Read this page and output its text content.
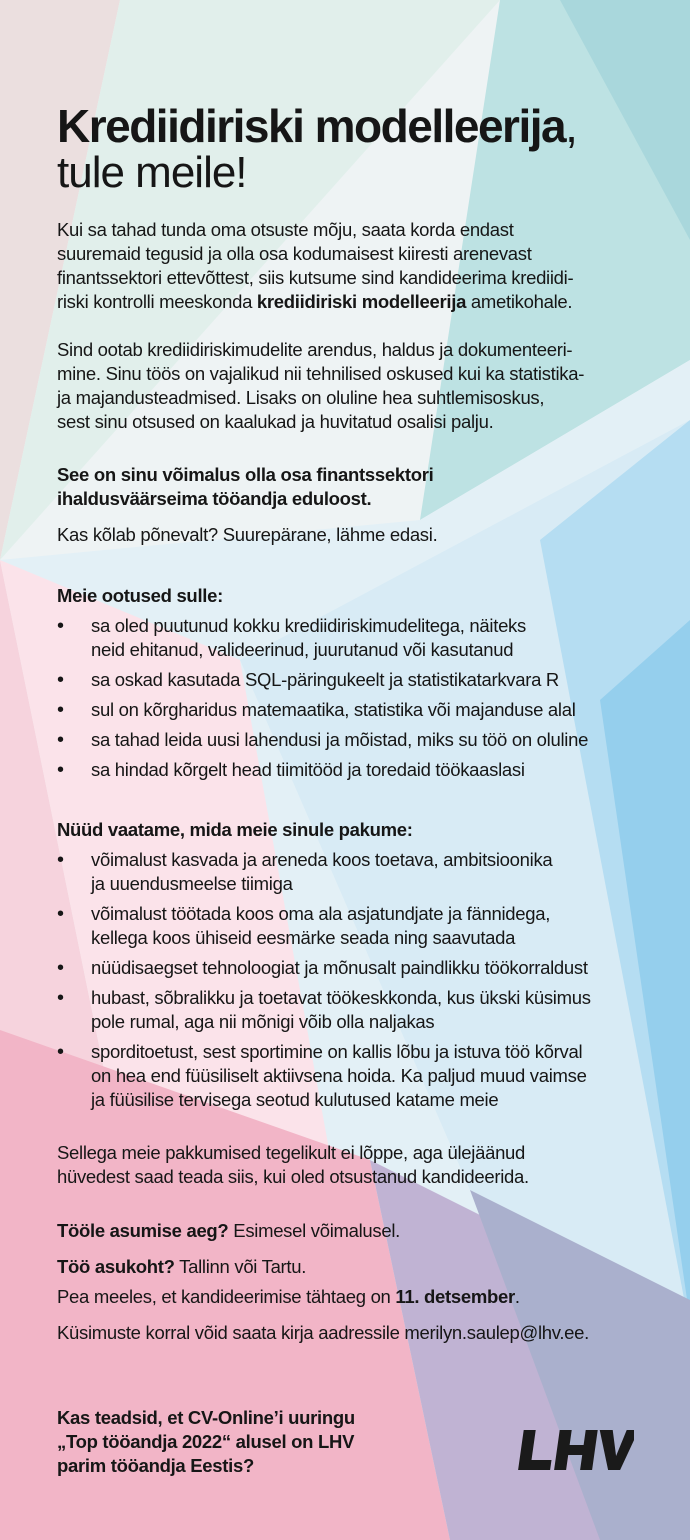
Krediidiriski modelleerija,
tule meile!
Kui sa tahad tunda oma otsuste mõju, saata korda endast
suuremaid tegusid ja olla osa kodumaisest kiiresti arenevast
finantssektori ettevõttest, siis kutsume sind kandideerima krediidi-
riski kontrolli meeskonda krediidiriski modelleerija ametikohale.
Sind ootab krediidiriskimudelite arendus, haldus ja dokumenteeri-
mine. Sinu töös on vajalikud nii tehnilised oskused kui ka statistika-
ja majandusteadmised. Lisaks on oluline hea suhtlemisoskus,
sest sinu otsused on kaalukad ja huvitatud osalisi palju.
See on sinu võimalus olla osa finantssektori
ihaldusväärseima tööandja eduloost.
Kas kõlab põnevalt? Suurepärane, lähme edasi.
Meie ootused sulle:
• sa oled puutunud kokku krediidiriskimudelitega, näiteks
neid ehitanud, valideerinud, juurutanud või kasutanud
• sa oskad kasutada SQL-päringukeelt ja statistikatarkvara R
• sul on kõrgharidus matemaatika, statistika või majanduse alal
• sa tahad leida uusi lahendusi ja mõistad, miks su töö on oluline
• sa hindad kõrgelt head tiimitööd ja toredaid töökaaslasi
Nüüd vaatame, mida meie sinule pakume:
• võimalust kasvada ja areneda koos toetava, ambitsioonika
ja uuendusmeelse tiimiga
• võimalust töötada koos oma ala asjatundjate ja fännidega,
kellega koos ühiseid eesmärke seada ning saavutada
• nüüdisaegset tehnoloogiat ja mõnusalt paindlikku töökorraldust
• hubast, sõbralikku ja toetavat töökeskkonda, kus ükski küsimus
pole rumal, aga nii mõnigi võib olla naljakas
• sporditoetust, sest sportimine on kallis lõbu ja istuva töö kõrval
on hea end füüsiliselt aktiivsena hoida. Ka paljud muud vaimse
ja füüsilise tervisega seotud kulutused katame meie
Sellega meie pakkumised tegelikult ei lõppe, aga ülejäänud
hüvedest saad teada siis, kui oled otsustanud kandideerida.
Tööle asumise aeg? Esimesel võimalusel.
Töö asukoht? Tallinn või Tartu.
Pea meeles, et kandideerimise tähtaeg on 11. detsember.
Küsimuste korral võid saata kirja aadressile merilyn.saulep@lhv.ee.
Kas teadsid, et CV-Online’i uuringu
„Top tööandja 2022“ alusel on LHV
parim tööandja Eestis?
